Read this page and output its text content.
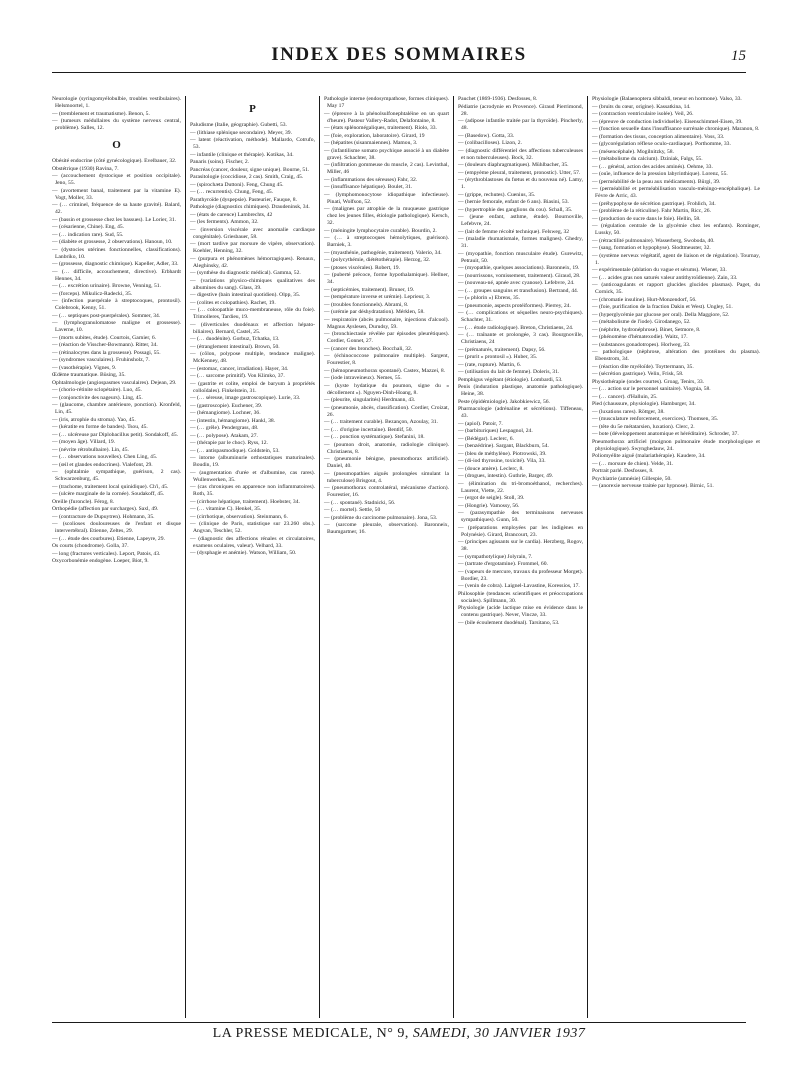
INDEX DES SOMMAIRES	15

Neurologie (syringomyélobulbie, troubles vestibulaires). Helsmoortel, 1.

— (tremblement et traumatisme). Benon, 5.

— (tumeurs médullaires du système nerveux central, problème). Salles, 12.

O

Obésité endocrine (côté gynécologique). Evelbauer, 32.

Obstétrique (1930) Ravina, 7.

— (accouchement dystocique et position occipitale). Jeno, 55.

— (avortement banal, traitement par la vitamine E). Vogt, Moller, 33.

— (… criminel, fréquence de sa haute gravité). Balard, 42.

— (bassin et grossesse chez les bassues). Le Lorier, 31.

— (césarienne, Chine). Eng, 45.

— (… indication rare). Sud, 55.

— (diabète et grossesse, 2 observations). Hanoun, 10.

— (dystocies utérines fonctionnelles, classifications). Lanbriko, 10.

— (grossesse, diagnostic chimique). Kapeller, Adler, 33.

— (… difficile, accouchement, directive). Erbhardt Hennes, 34.

— (… excrétion urinaire). Browne, Venning, 51.

— (forceps). Mikulicz-Radecki, 35.

— (infection puerpérale à streptocoques, prontosil). Colebrook, Kenny, 51.

— (… septiques post-puerpérales). Sommer, 34.

— (lymphogranulomatose maligne et grossesse). Laverne, 10.

— (morts subites, étude). Courtois, Garnier, 6.

— (réaction de Visscher-Bowmann). Ritter, 34.

— (rétinalocytes dans la grossesse). Possagi, 55.

— (syndromes vasculaires). Fruhinsholz, 7.

— (vasothérapie). Vignes, 9.

Œdème traumatique. Büsing, 35.

Ophtalmologie (angiospasmes vasculaires). Dejean, 29.

— (chorio-rétinite sclopétaire). Luo, 45.

— (conjonctivite des nageurs). Ling, 45.

— (glaucome, chambre antérieure, ponction). Kronfeld, Lin, 45.

— (iris, atrophie du stroma). Yao, 45.

— (kératite en forme de bandes). Tsou, 45.

— (… ulcéreuse par Diplobacillus petit). Sondakoff, 45.

— (moyen âge). Villard, 19.

— (névrite rétrobulbaire). Lin, 45.

— (… observations nouvelles). Chen Ling, 45.

— (œil et glandes endocrines). Vialefont, 29.

— (ophtalmie sympathique, guérison, 2 cas). Schwarzenburg, 45.

— (trachome, traitement local quinidique). Ch'i, 45.

— (ulcère marginale de la cornée). Soudakoff, 45.

Oreille (furoncle). Férog, 8.

Orthopédie (affection par surcharges). Saxl, 49.

— (contracture de Dupuytren). Hohmann, 35.

— (scolioses douloureuses de l'enfant et disque intervertébral). Etienne, Zeltes, 29.

— (… étude des courbures). Etienne, Lapeyre, 29.

Os courts (chondrome). Golla, 37.

— long (fractures verticales). Leport, Patois, 43.

Oxycorbonémie endogène. Loeper, Biot, 9.

P

Paludisme (Italie, géographie). Gubetti, 53.

— (lithiase splénique secondaire). Meyer, 39.

— latent (réactivation, méthode). Mallardo, Cotrufo, 53.

— infantile (clinique et thérapie). Kotikas, 34.

Panaris (soins). Fischer, 2.

Pancréas (cancer, douleur, signe unique). Bourne, 51.

Parasitologie (coccidiose, 2 cas). Smith, Craig, 45.

— (spirochæta Duttoni). Feng, Chung 45.

— (… recurrentis). Chung, Feng, 45.

Parathyroïde (dyspepsie). Pasteurier, Fauque, 8.

Pathologie (diagnostics chimiques). Draudeninsk, 34.

— (états de carence) Lambrechts, 42

— (les ferments). Ammon, 32.

— (inversion viscérale avec anomalie cardiaque congénitale). Griesbauer, 58.

— (mort tardive par morsure de vipère, observation). Koehler, Henning, 32.

— (purpura et phénomènes hémorragiques). Renaux, Aleghinsky, 42.

— (synthèse du diagnostic médical). Gamma, 52.

— (variations physico-chimiques qualitatives des albumines du sang). Glass, 39.

— digestive (bain intestinal quotidien). Olpp, 35.

— (colites et colopathies). Rachet, 19.

— (… coloopathie muco-membraneuse, rôle du foie). Trimolleres, Tardieu, 19.

— (diverticules duodénaux et affection hépato-biliaires). Bernard, Castel, 25.

— (… duodénite). Gorbuz, Tchatka, 13.

— (étranglement intestinal). Brown, 50.

— (côlon, polypose multiple, tendance maligne). McKenney, 48.

— (estomac, cancer, irradiation). Hayer, 34.

— (… sarcome primitif). Von Klimko, 37.

— (gastrite et colite, emploi de baryum à propriétés colloïdales). Finkelstein, 31.

— (… séreuse, image gastroscopique). Lurie, 33.

— (gastroscopie). Euchener, 39.

— (hémangiome). Lochner, 36.

— (intestin, hémangiome). Hankl, 38.

— (… grêle). Pendergrass, 48.

— (… polypose). Atakam, 27.

— (thérapie par le choc). Ryss, 12.

— (… antispasmodique). Goldstein, 53.

— intorne (albuminurie orthostatiques maturinales). Boudin, 19.

— (augmentation d'urée et d'albumine, cas rares). Wullenwerken, 35.

— (cas chroniques en apparence non inflammatoires). Roth, 35.

— (cirrhose hépatique, traitement). Hoebster, 34.

— (… vitamine C). Henkel, 35.

— (cirrhotique, observation). Steinmann, 6.

— (clinique de Paris, statistique sur 23.260 obs.). Angvan, Teschler, 52.

— (diagnostic des affections rénales et circulatoires, examens oculaires, valeur). Velhard, 33.

— (dysphagie et anémie). Watson, William, 50.

Pathologie interne (endosympathose, formes cliniques). May 17

— (épreuve à la phénolsulfonephtaléine en un quart d'heure). Pasteur Vallery-Radot, Delafontaine, 8.

— (états splénomégaliques, traitement). Riolo, 33.

— (foie, exploration, laboratoire). Girard, 19

— (hépatites (sisanmaiennes). Mamou, 3.

— (infantilisme somato psychique associé à un diabète grave). Schachter, 38.

— (infiltration gommeuse du muscle, 2 cas). Levinthal, Miller, 46

— (inflammations des séreuses) Fahr, 32.

— (insuffisance hépatique). Boulet, 31.

— (lymphomonocytose idiopathique infectieuse). Pinati, Wolfson, 52.

— (malignes par atrophie de la muqueuse gastrique chez les jeunes filles, étiologie pathologique). Kersch, 32.

— (méningite lymphocytaire curable). Bourdin, 2.

— (… à streptocoques hémolytiques, guérison). Barniek, 3.

— (myasthénie, pathogénie, traitement). Valerio, 34.

— (polycythémie, diététothérapie). Herzog, 32.

— (ptoses viscérales). Robert, 19.

— (puberté précoce, forme hypothalamique). Hellner, 34.

— (septicémies, traitement). Bruner, 19.

— (température inverse et urémie). Leprieur, 3.

— (troubles fonctionnels). Abrami, 8.

— (urémie par déshydratation). Mérklen, 58.

— respiratoire (abcès pulmonaire, injections d'alcool). Magnus Ayslesen, Durudsy, 59.

— (bronchiectasie révélée par épisodes pleurétiques). Cordier, Gonnet, 27.

— (cancer des bronches). Bocchali, 32.

— (échinococcose pulmonaire multiple). Sargent, Fourestier, 8.

— (hémopneumothorax spontané). Castex, Mazzei, 8.

— (iode intraveineux). Nemes, 55.

— (kyste hydatique du poumon, signe du « décollement »). Nguyen-Dinh-Hoang, 8.

— (pleurite, singularités) Herdmann, 43.

— (pneumonie, abcès, classification). Cordier, Croizat, 26.

— (… traitement curable). Bezançon, Azoulay, 31.

— (… d'origine incertaine). Bentlif, 50.

— (… ponction systématique). Stefanini, 18.

— (poumon droit, anatomie, radiologie clinique). Christiaens, 8.

— (pneumonie bénigne, pneumothorax artificiel). Daniel, 40.

— (pneumopathies aiguës prolongées simulant la tuberculose) Brisgout, 4.

— (pneumothorax controlatéral, mécanisme d'action). Fourestier, 16.

— (… spontané). Stadnicki, 56.

— (… mortel). Settle, 50

— (problème du carcinome pulmonaire). Jona, 53.

— (sarcome pleurale, observation). Baronneix, Baumgartner, 16.

Pauchet (1869-1936). Desfosses, 8.

Pédiatrie (acrodynie en Provence). Giraud Pierrimond, 28.

— (adipose infantile traitée par la thyroïde). Pincherly, 48.

— (Basedow). Gotta, 33.

— (colibacilloses). Lizon, 2.

— (diagnostic différentiel des affections tuberculeuses et non tuberculeuses). Bock, 32.

— (douleurs diaphragmatiques). Mühlbacher, 35.

— (empyème pleural, traitement, pronostic). Utter, 57.

— (érythroblastoses du fœtus et du nouveau né). Lamy, 1.

— (grippe, rechutes). Cuenius, 35.

— (hernie femorale, enfant de 6 ans). Biasini, 53.

— (hypertrophie des ganglions du cou). Schall, 35.

— (jeune enfant, asthme, étude). Bournoville, Lefebvre, 24.

— (lait de femme récolté technique). Felsweg, 32

— (maladie rhumatismale, formes malignes). Ghedry, 31.

— (myopathie, fonction musculaire étude). Gurewitz, Petrauit, 50.

— (myopathie, quelques associations). Baronneix, 19.

— (nourrissons, vomissement, traitement). Giraud, 28.

— (nouveau-né, apnée avec cyanose). Lefebvre, 24.

— (… groupes sanguins et transfusion). Bertrand, 44.

— (« phlorin ») Ebrens, 35.

— (pneumonie, aspects protéiformes). Pierrey, 24.

— (… complications et séquelles neuro-psychiques). Schachter, 31.

— (… étude radiologique). Breton, Christiaens, 24.

— (… traînante et prolongée, 3 cas). Bourgnoville, Christiaens, 24

— (prématurés, traitement). Dapsy, 56.

— (prurit « prontosil »). Huber, 35.

— (rate, rupture). Martin, 6.

— (utilisation du lait de femme). Doleris, 31.

Pemphigus végétant (étiologie). Lombardi, 53.

Penis (induration plastique, anatomie pathologique). Heine, 38.

Peste (épidémiologie). Jakobkiewicz, 56.

Pharmacologie (adrénaline et sécrétions). Tiffeneau, 43.

— (apiol). Patoir, 7.

— (barbituriques) Lespagnol, 24.

— (Bédégar). Leclerc, 6.

— (benzédrine). Sargant, Blackburn, 54.

— (bleu de méthylène). Piotrowski, 39.

— (di-iod thyrosine, toxicité). Vila, 33.

— (douce amère). Leclerc, 8.

— (drogues, intestin). Guthrie, Barger, 49.

— (élimination du tri-bromoéthanol, recherches). Laurent, Viette, 22.

— (ergot de seigle). Stoll, 39.

— (Hongrie). Vamossy, 56.

— (parasympathie des terminaisons nerveuses sympathiques). Gunn, 50.

— (préparations employées par les indigènes en Polynésie). Girard, Brancourt, 23.

— (principes agissants sur le cardia). Herzberg, Rogov, 38.

— (sympathotylique) Jolyrain, 7.

— (tartrate d'ergotamine). Frommel, 60.

— (vapeurs de mercure, travaux du professeur Morget). Bordier, 23.

— (venin de cobra). Laignel-Lavastine, Koressios, 17.

Philosophie (tendances scientifiques et préoccupations sociales). Spillmann, 30.

Physiologie (acide lactique mise en évidence dans le contenu gastrique). Never, Vincze, 33.

— (bile écoulement duodénal). Tarsitano, 53.

Physiologie (Balaenoptera sibbaldi, teneur en hormone). Valso, 33.

— (bruits du cœur, origine). Kassatkina, 14.

— (contraction ventriculaire isolée). Veil, 26.

— (épreuve de conduction individuelle). Eisenschimmel-Eisen, 39.

— (fonction sexuelle dans l'insuffisance surrénale chronique). Maranon, 8.

— (formation des tissus, conception alimentaire). Voss, 33.

— (glycorégulation réflexe oculo-cardiaque). Porthomme, 33.

— (mésencéphale). Mogilnitzky, 58.

— (métabolisme du calcium). Dziniak, Falgs, 55.

— (… général, action des acides aminés). Oehme, 33.

— (ouïe, influence de la pression labyrinthique). Lorenz, 55.

— (perméabilité de la peau aux médicaments). Bürgi, 39.

— (perméabilité et perméabilisation vasculo-méningo-encéphalique). Le Fèvre de Arric, 43.

— (préhypophyse de sécrétion gastrique). Frohlich, 34.

— (problème de la réticuline). Fahr Martin, Ricc, 26.

— (production de sucre dans le foie). Hellin, 58.

— (régulation centrale de la glycémie chez les enfants). Rominger, Lussky, 50.

— (rétractilité pulmonaire). Wasserberg, Swoboda, 40.

— (sang, formation et hypophyse). Slodtmeuster, 32.

— (système nerveux végétatif, agent de liaison et de régulation). Tournay, 1.

— expérimentale (ablation du vague et sérums). Wiener, 33.

— (… acides gras non saturés valeur antithyroïdienne). Zain, 33.

— (anticoagulants et rapport glucides glucides plasmas). Paget, du Cornick, 35.

— (chromatie insuline). Hurt-Monzendorf, 56.

— (foie, purification de la fraction Dakin et West). Ungley, 51.

— (hyperglycémie par glucose per oral). Della Maggiore, 52.

— (métabolisme de l'iode). Girodanego, 52.

— (néphrite, hydronéphrose). Binet, Setmore, 8.

— (phénomène d'hématexodie). Waitz, 17.

— (substances gonadotropes). Horlweg, 33.

— pathologique (nèphrose, altération des protéines du plasma). Ebenstrom, 34.

— (réaction dite myéloïde). Toyttermann, 35.

— (sécrétion gastrique). Velin, Frisk, 58.

Physiothérapie (ondes courtes). Groag, Tenirs, 33.

— (… action sur le personnel sanitaire). Viognia, 58.

— (… cancer). d'Halluin, 25.

Pied (chaussure, physiologie). Hamburger, 34.

— (luxations rares). Röttger, 38.

— (musculature renforcement, exercices). Thomsen, 35.

— (tête du 5e métatarsien, luxation). Clerc, 2.

— bote (développement anatomique et héréditaire). Schroder, 37.

Pneumothorax artificiel (moignon pulmonaire étude morphologique et physiologique). Swynghedauw, 24.

Poliomyélite aiguë (malariathérapie). Kaudere, 34.

— (… morsure de chien). Velde, 31.

Portrait parlé. Desfosses, 8.

Psychiatrie (amnésie) Gillespie, 50.

— (anorexie nerveuse traitée par hypnose). Birnic, 51.

LA PRESSE MEDICALE, N° 9, SAMEDI, 30 JANVIER 1937
